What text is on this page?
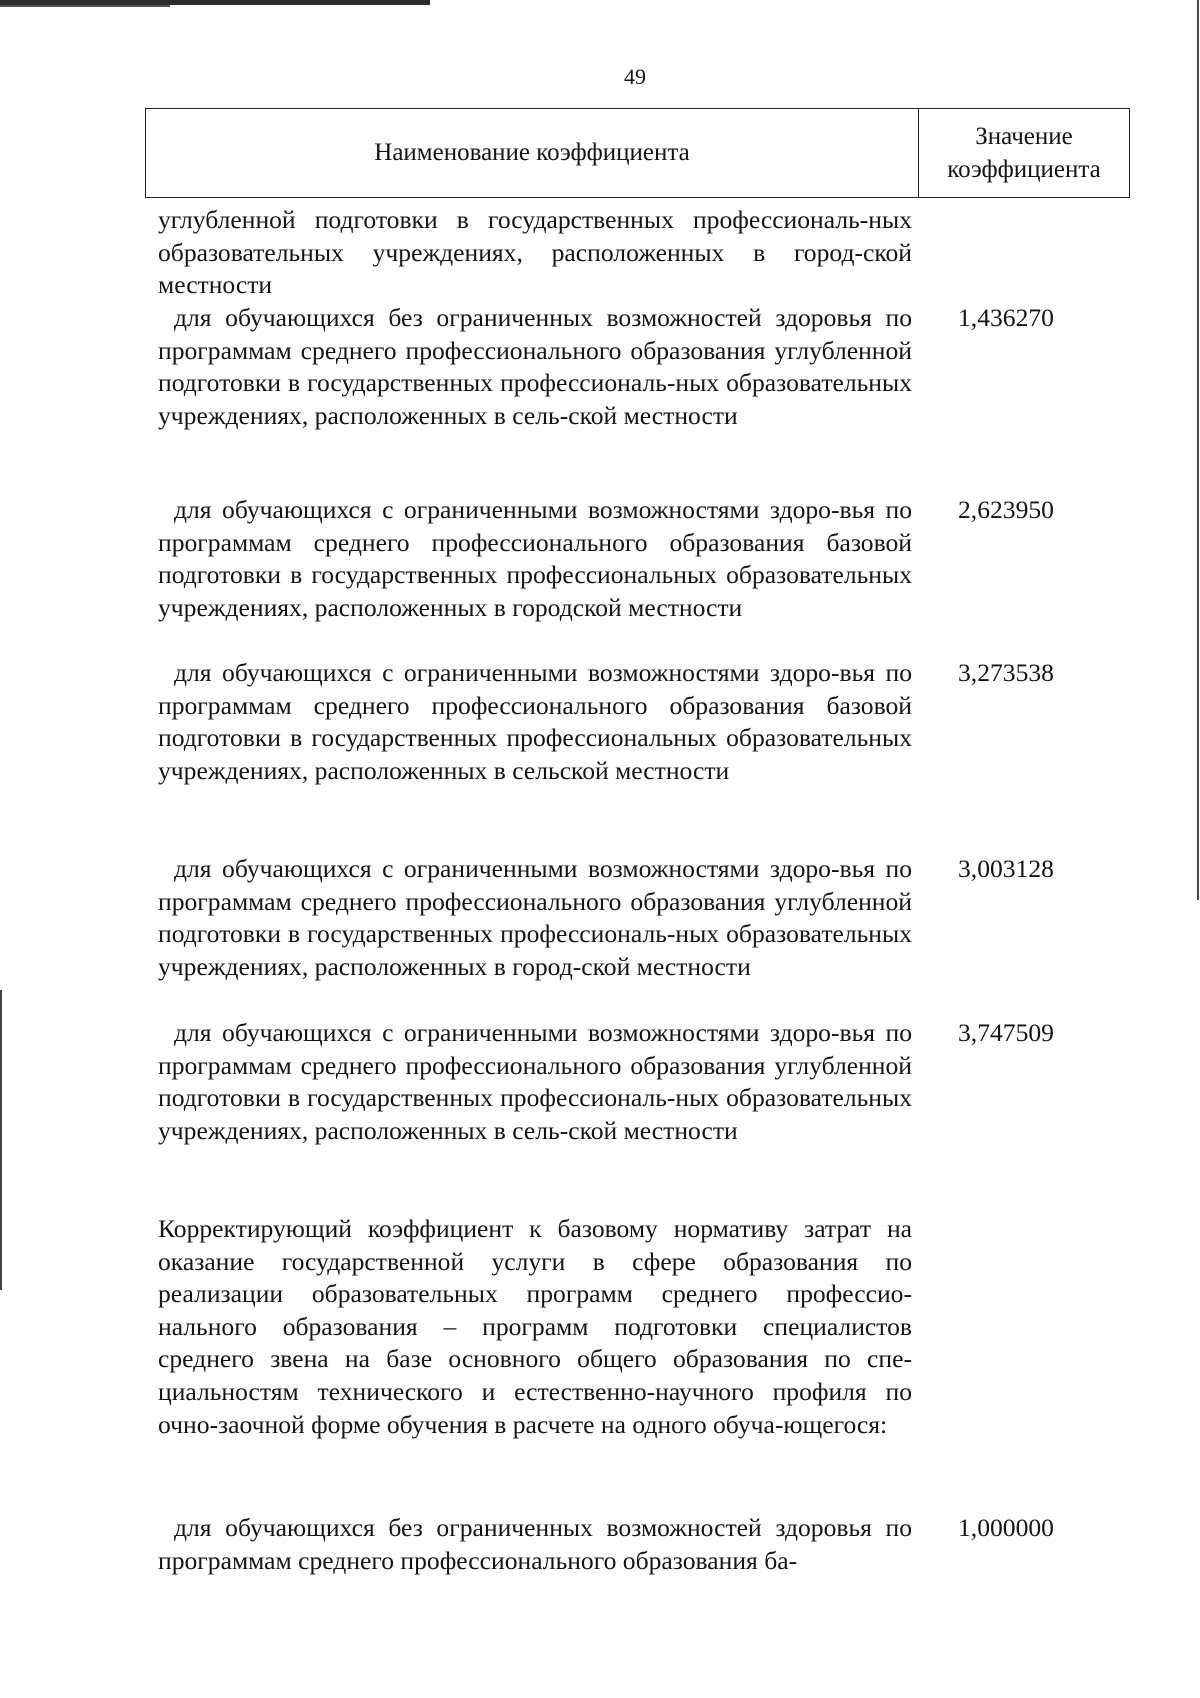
49
Наименование коэффициента
Значение коэффициента
углубленной подготовки в государственных профессиональ-ных образовательных учреждениях, расположенных в город-ской местности
для обучающихся без ограниченных возможностей здоровья по программам среднего профессионального образования углубленной подготовки в государственных профессиональ-ных образовательных учреждениях, расположенных в сель-ской местности
1,436270
для обучающихся с ограниченными возможностями здоро-вья по программам среднего профессионального образования базовой подготовки в государственных профессиональных образовательных учреждениях, расположенных в городской местности
2,623950
для обучающихся с ограниченными возможностями здоро-вья по программам среднего профессионального образования базовой подготовки в государственных профессиональных образовательных учреждениях, расположенных в сельской местности
3,273538
для обучающихся с ограниченными возможностями здоро-вья по программам среднего профессионального образования углубленной подготовки в государственных профессиональ-ных образовательных учреждениях, расположенных в город-ской местности
3,003128
для обучающихся с ограниченными возможностями здоро-вья по программам среднего профессионального образования углубленной подготовки в государственных профессиональ-ных образовательных учреждениях, расположенных в сель-ской местности
3,747509
Корректирующий коэффициент к базовому нормативу затрат на оказание государственной услуги в сфере образования по реализации образовательных программ среднего профессио-нального образования – программ подготовки специалистов среднего звена на базе основного общего образования по спе-циальностям технического и естественно-научного профиля по очно-заочной форме обучения в расчете на одного обуча-ющегося:
для обучающихся без ограниченных возможностей здоровья по программам среднего профессионального образования ба-
1,000000
